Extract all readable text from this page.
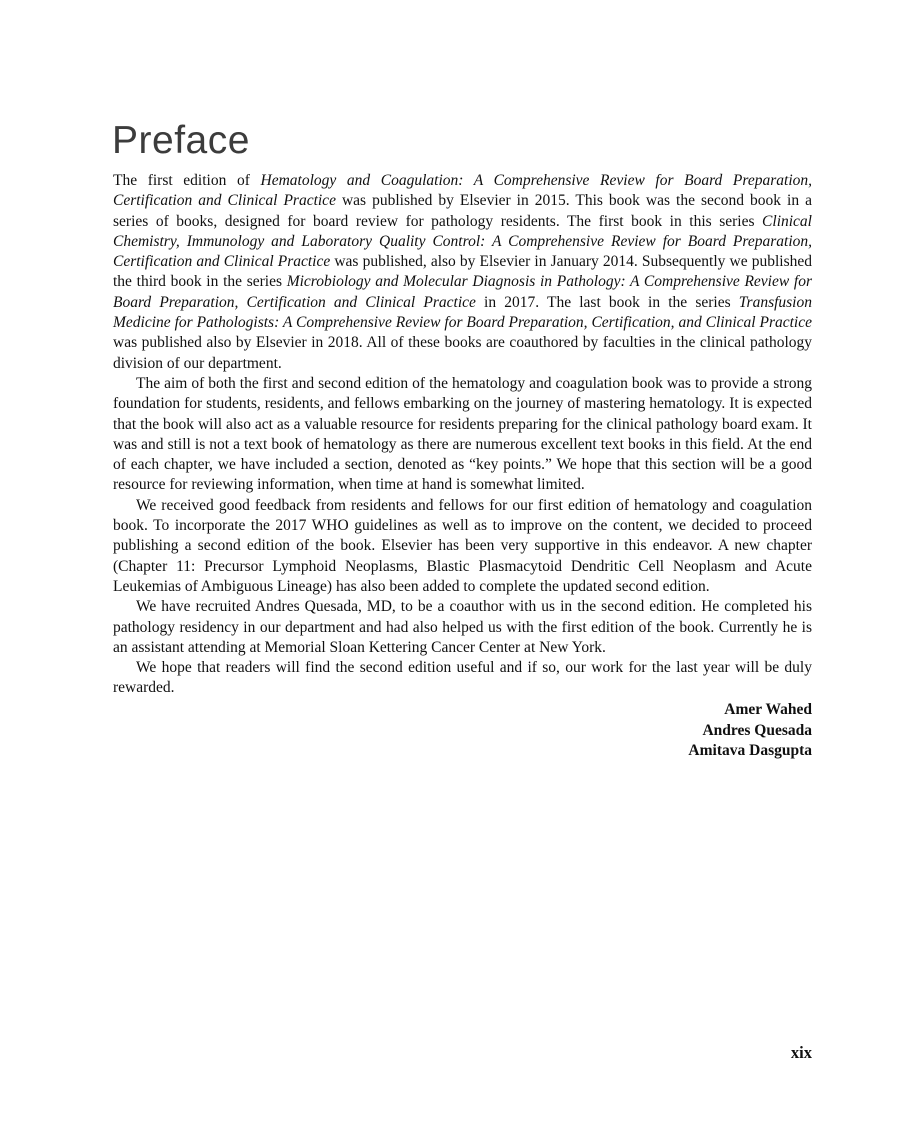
Preface

The first edition of Hematology and Coagulation: A Comprehensive Review for Board Preparation, Certification and Clinical Practice was published by Elsevier in 2015. This book was the second book in a series of books, designed for board review for pathology residents. The first book in this series Clinical Chemistry, Immunology and Laboratory Quality Control: A Comprehensive Review for Board Preparation, Certification and Clinical Practice was published, also by Elsevier in January 2014. Subsequently we published the third book in the series Microbiology and Molecular Diagnosis in Pathology: A Comprehensive Review for Board Preparation, Certification and Clinical Practice in 2017. The last book in the series Transfusion Medicine for Pathologists: A Comprehensive Review for Board Preparation, Certification, and Clinical Practice was published also by Elsevier in 2018. All of these books are coauthored by faculties in the clinical pathology division of our department.

The aim of both the first and second edition of the hematology and coagulation book was to provide a strong foundation for students, residents, and fellows embarking on the journey of mastering hematology. It is expected that the book will also act as a valuable resource for residents preparing for the clinical pathology board exam. It was and still is not a text book of hematology as there are numerous excellent text books in this field. At the end of each chapter, we have included a section, denoted as “key points.” We hope that this section will be a good resource for reviewing information, when time at hand is somewhat limited.

We received good feedback from residents and fellows for our first edition of hematology and coagulation book. To incorporate the 2017 WHO guidelines as well as to improve on the content, we decided to proceed publishing a second edition of the book. Elsevier has been very supportive in this endeavor. A new chapter (Chapter 11: Precursor Lymphoid Neoplasms, Blastic Plasmacytoid Dendritic Cell Neoplasm and Acute Leukemias of Ambiguous Lineage) has also been added to complete the updated second edition.

We have recruited Andres Quesada, MD, to be a coauthor with us in the second edition. He completed his pathology residency in our department and had also helped us with the first edition of the book. Currently he is an assistant attending at Memorial Sloan Kettering Cancer Center at New York.

We hope that readers will find the second edition useful and if so, our work for the last year will be duly rewarded.

Amer Wahed
Andres Quesada
Amitava Dasgupta
xix
